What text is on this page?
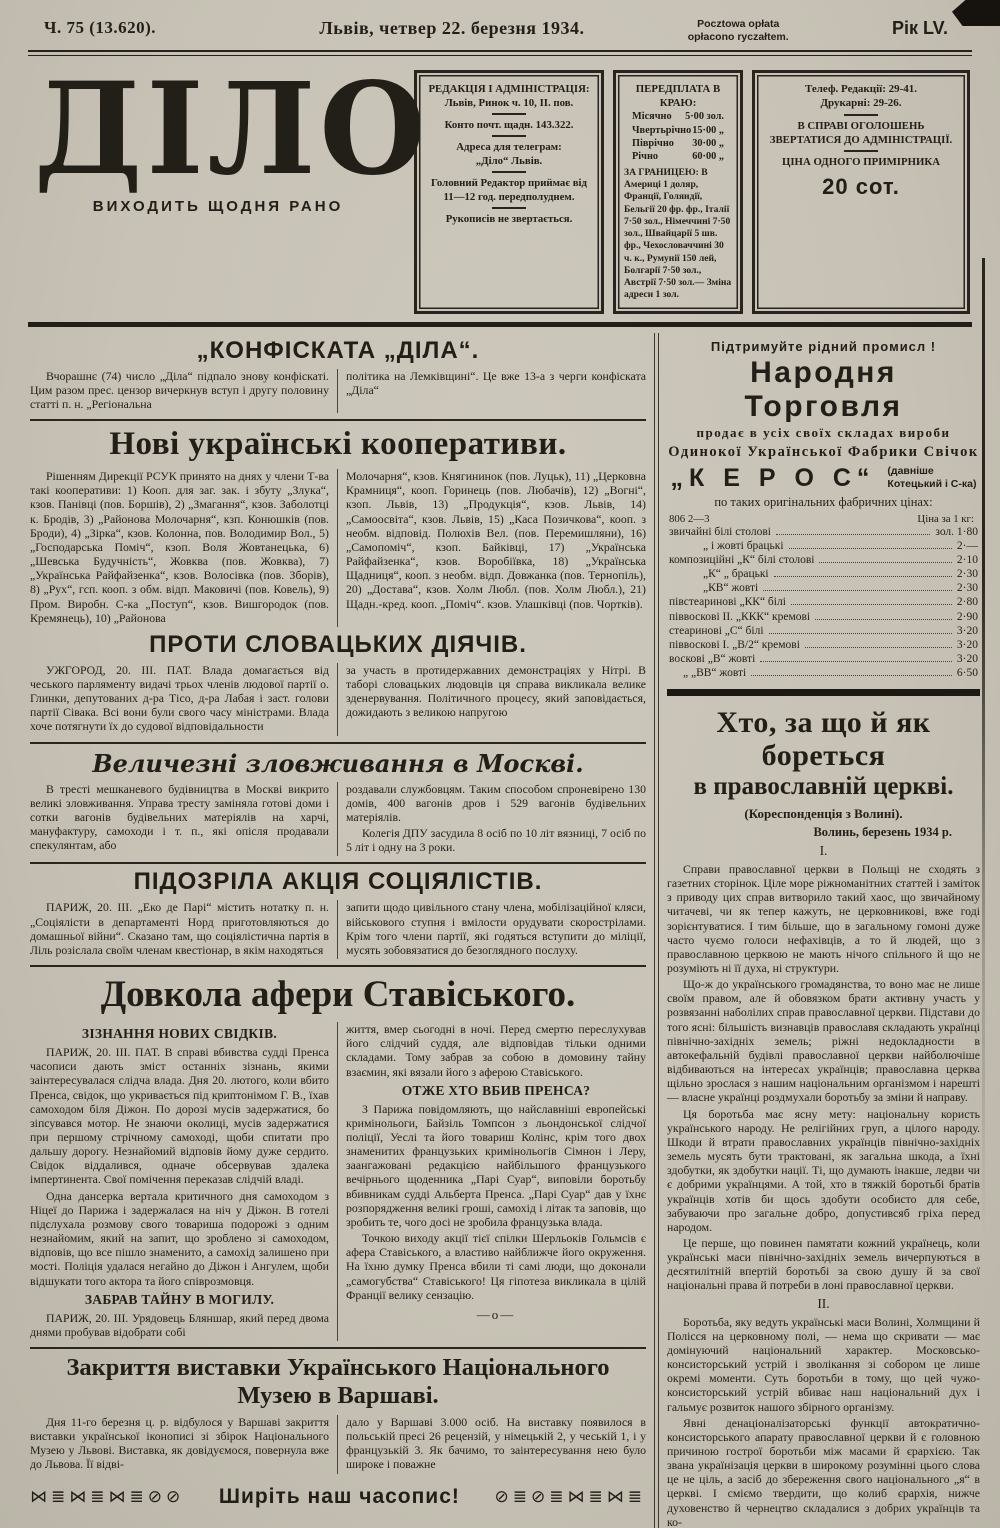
Ч. 75 (13.620).	Львів, четвер 22. березня 1934.	Pocztowa opłata
opłacono ryczałtem.	Рік LV.
ДІЛО
ВИХОДИТЬ ЩОДНЯ РАНО
РЕДАКЦІЯ І АДМІНІСТРАЦІЯ:
Львів, Ринок ч. 10, II. пов.
Конто почт. щадн. 143.322.
Адреса для телеграм:
„Діло“ Львів.
Головний Редактор приймає від 11—12 год. передполуднем.
Рукописів не звертається.
ПЕРЕДПЛАТА В КРАЮ:
Місячно 5·00 зол.
Чвертьрічно 15·00 „
Піврічно 30·00 „
Річно	60·00 „
ЗА ГРАНИЦЕЮ: В Америці 1 доляр, Франції, Голяндії, Бельгії 20 фр. фр., Італії 7·50 зол., Німеччині 7·50 зол., Швайцарії 5 шв. фр., Чехословаччині 30 ч. к., Румунії 150 лей, Болгарії 7·50 зол., Австрії 7·50 зол.— Зміна адреси 1 зол.
Телеф. Редакції: 29-41.
Друкарні: 29-26.
В СПРАВІ ОГОЛОШЕНЬ ЗВЕРТАТИСЯ ДО АДМІНІСТРАЦІЇ.
ЦІНА ОДНОГО ПРИМІРНИКА
20 сот.
„КОНФІСКАТА „ДІЛА“.

Вчорашнє (74) число „Діла“ підпало знову конфіскаті. Цим разом прес. цензор вичеркнув вступ і другу половину статті п. н. „Регіональна

політика на Лемківщині“. Це вже 13-а з черги конфіската „Діла“

Нові українські кооперативи.

Рішенням Дирекції РСУК принято на днях у члени Т-ва такі кооперативи: 1) Кооп. для заг. зак. і збуту „Злука“, кзов. Панівці (пов. Боршів), 2) „Змагання“, кзов. Заболотці к. Бродів, 3) „Районова Молочарня“, кзп. Конюшків (пов. Броди), 4) „Зірка“, кзов. Колонна, пов. Володимир Вол., 5) „Господарська Поміч“, кзоп. Воля Жовтанецька, 6) „Шевська Будучність“, Жовква (пов. Жовква), 7) „Українська Райфайзенка“, кзов. Волосівка (пов. Зборів), 8) „Рух“, гсп. кооп. з обм. відп. Маковичі (пов. Ковель), 9) Пром. Виробн. С-ка „Поступ“, кзов. Вишгородок (пов. Кремянець), 10) „Районова

Молочарня“, кзов. Княгининок (пов. Луцьк), 11) „Церковна Крамниця“, кооп. Горинець (пов. Любачів), 12) „Вогні“, кзоп. Львів, 13) „Продукція“, кзов. Львів, 14) „Самоосвіта“, кзов. Львів, 15) „Каса Позичкова“, кооп. з необм. відповід. Полюхів Вел. (пов. Перемишляни), 16) „Самопоміч“, кзоп. Байківці, 17) „Українська Райфайзенка“, кзов. Воробіївка, 18) „Українська Щадниця“, кооп. з необм. відп. Довжанка (пов. Тернопіль), 20) „Достава“, кзов. Холм Любл. (пов. Холм Любл.), 21) Щадн.-кред. кооп. „Поміч“. кзов. Улашківці (пов. Чортків).

ПРОТИ СЛОВАЦЬКИХ ДІЯЧІВ.

УЖГОРОД, 20. III. ПАТ. Влада домагається від чеського парляменту видачі трьох членів людової партії о. Глинки, депутованих д-ра Тісо, д-ра Лабая і заст. голови партії Сівака. Всі вони були свого часу міністрами. Влада хоче потягнути їх до судової відповідальности

за участь в протидержавних демонстраціях у Нітрі. В таборі словацьких людовців ця справа викликала велике зденервування. Політичного процесу, який заповідається, дожидають з великою напругою

Величезні зловживання в Москві.

В тресті мешканевого будівництва в Москві викрито великі зловживання. Управа тресту заміняла готові доми і сотки вагонів будівельних матеріялів на харчі, мануфактуру, самоходи і т. п., які опісля продавали спекулянтам, або

роздавали службовцям. Таким способом спроневірено 130 домів, 400 вагонів дров і 529 вагонів будівельних матеріялів.

Колегія ДПУ засудила 8 осіб по 10 літ вязниці, 7 осіб по 5 літ і одну на 3 роки.

ПІДОЗРІЛА АКЦІЯ СОЦІЯЛІСТІВ.

ПАРИЖ, 20. III. „Еко де Парі“ містить нотатку п. н. „Соціялісти в департаменті Норд приготовляються до домашньої війни“. Сказано там, що соціялістична партія в Ліль розіслала своїм членам квестіонар, в якім находяться

запити щодо цивільного стану члена, мобілізаційної кляси, військового ступня і вмілости орудувати скорострілами. Крім того члени партії, які годяться вступити до міліції, мусять зобовязатися до безоглядного послуху.

Довкола афери Ставіського.
ЗІЗНАННЯ НОВИХ СВІДКІВ.

ПАРИЖ, 20. III. ПАТ. В справі вбивства судді Пренса часописи дають зміст останніх зізнань, якими заінтересувалася слідча влада. Дня 20. лютого, коли вбито Пренса, свідок, що укривається під криптонімом Г. В., їхав самоходом біля Діжон. По дорозі мусів задержатися, бо зіпсувався мотор. Не знаючи околиці, мусів задержатися при першому стрічному самоході, щоби спитати про дальшу дорогу. Незнайомий відповів йому дуже сердито. Свідок віддалився, одначе обсервував здалека імпертинента. Свої помічення переказав слідчій владі.

Одна дансерка вертала критичного дня самоходом з Ніцеї до Парижа і задержалася на ніч у Діжон. В готелі підслухала розмову свого товариша подорожі з одним незнайомим, який на запит, що зроблено зі самоходом, відповів, що все пішло знаменито, а самохід залишено при мості. Поліція удалася негайно до Діжон і Ангулем, щоби відшукати того актора та його співрозмовця.

ЗАБРАВ ТАЙНУ В МОГИЛУ.

ПАРИЖ, 20. III. Урядовець Бляншар, який перед двома днями пробував відобрати собі

життя, вмер сьогодні в ночі. Перед смертю переслухував його слідчий суддя, але відповідав тільки одними складами. Тому забрав за собою в домовину тайну взаємин, які вязали його з аферою Ставіського.

ОТЖЕ ХТО ВБИВ ПРЕНСА?

З Парижа повідомляють, що найславніші европейські кримінольоги, Байзіль Томпсон з льондонської слідчої поліції, Уеслі та його товариш Колінс, крім того двох знаменитих французьких кримінольогів Сімнон і Леру, заангажовані редакцією найбільшого французького вечірнього щоденника „Парі Суар“, виповіли боротьбу вбивникам судді Альберта Пренса. „Парі Суар“ дав у їхнє розпорядження великі гроші, самохід і літак та заповів, що зробить те, чого досі не зробила французька влада.

Точкою виходу акції тієї спілки Шерльоків Гольмсів є афера Ставіського, а властиво найближче його окруження. На їхню думку Пренса вбили ті самі люди, що доконали „самогубства“ Ставіського! Ця гіпотеза викликала в цілій Франції велику сензацію.

—о—
Закриття виставки Українського Національного Музею в Варшаві.

Дня 11-го березня ц. р. відбулося у Варшаві закриття виставки української іконописі зі збірок Національного Музею у Львові. Виставка, як довідуємося, повернула вже до Львова. Її відві-

дало у Варшаві 3.000 осіб. На виставку появилося в польській пресі 26 рецензій, у німецькій 2, у чеській 1, і у французькій 3. Як бачимо, то заінтересування нею було широке і поважне

⋈≣⋈≣⋈≣⊘⊘ Ширіть наш часопис! ⊘≣⊘≣⋈≣⋈≣
Підтримуйте рідний промисл !
Народня Торговля
продає в усіх своїх складах вироби
Одинокої Української Фабрики Свічок
„К Е Р О С“ (давніше
Котецький і С-ка)
по таких оригінальних фабричних цінах:
806 2—3	Ціна за 1 кг:
звичайні білі столові	зол. 1·80
„ і жовті брацькі	2·—
композиційні „К“ білі столові	2·10
„К“ „ брацькі	2·30
„КВ“ жовті	2·30
півстеаринові „КК“ білі	2·80
піввоскові II. „ККК“ кремові	2·90
стеаринові „С“ білі	3·20
піввоскові I. „В/2“ кремові	3·20
воскові „В“ жовті	3·20
„ „ВВ“ жовті	6·50
Хто, за що й як бореться
в православній церкві.
(Кореспонденція з Волині).
Волинь, березень 1934 р.
I.

Справи православної церкви в Польщі не сходять з газетних сторінок. Ціле море ріжноманітних статтей і заміток з приводу цих справ витворило такий хаос, що звичайному читачеві, чи як тепер кажуть, не церковникові, вже годі зорієнтуватися. І тим більше, що в загальному гомоні дуже часто чуємо голоси нефахівців, а то й людей, що з православною церквою не мають нічого спільного й що не розуміють ні її духа, ні структури.

Що-ж до українського громадянства, то воно має не лише своїм правом, але й обовязком брати активну участь у розвязанні наболілих справ православної церкви. Підстави до того ясні: більшість визнавців православя складають українці північно-західніх земель; ріжні недокладности в автокефальній будівлі православної церкви найболючіше відбиваються на інтересах українців; православна церква щільно зрослася з нашим національним організмом і нарешті — власне українці роздмухали боротьбу за зміни й направу.

Ця боротьба має ясну мету: національну користь українського народу. Не релігійних груп, а цілого народу. Шкоди й втрати православних українців північно-західніх земель мусять бути трактовані, як загальна шкода, а їхні здобутки, як здобутки нації. Ті, що думають інакше, ледви чи є добрими українцями. А той, хто в тяжкій боротьбі братів українців хотів би щось здобути особисто для себе, забуваючи про загальне добро, допустивсяб гріха перед народом.

Це перше, що повинен памятати кожний українець, коли українські маси північно-західніх земель вичерпуються в десятилітній впертій боротьбі за свою душу й за свої національні права й потреби в лоні православної церкви.

II.

Боротьба, яку ведуть українські маси Волині, Холмщини й Полісся на церковному полі, — нема що скривати — має домінуючий національний характер. Московсько-консисторський устрій і зволікання зі собором це лише окремі моменти. Суть боротьби в тому, що цей чужо-консисторський устрій вбиває наш національний дух і гальмує розвиток нашого збірного організму.

Явні денаціоналізаторські функції автократично-консисторського апарату православної церкви й є головною причиною гострої боротьби між масами й єрархією. Так звана українізація церкви в широкому розумінні цього слова це не ціль, а засіб до збереження свого національного „я“ в церкві. І сміємо твердити, що колиб єрархія, нижче духовенство й чернецтво складалися з добрих українців та ко-
